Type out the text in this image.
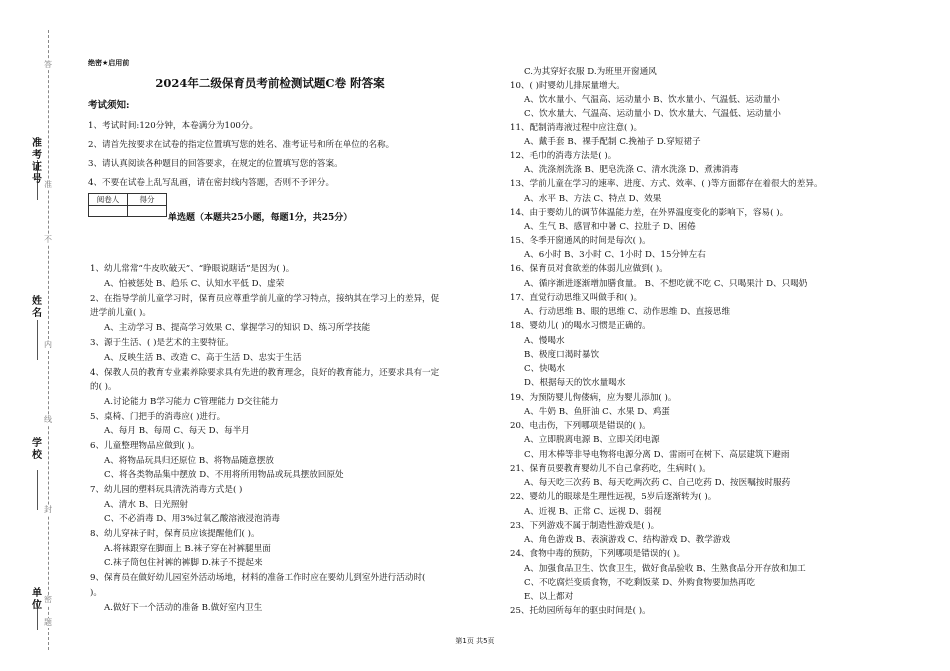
准考证号
姓名
学校
单位
密
封
线
内
不
准
答
题
绝密★启用前
2024年二级保育员考前检测试题C卷 附答案
考试须知:
1、考试时间:120分钟，本卷满分为100分。
2、请首先按要求在试卷的指定位置填写您的姓名、准考证号和所在单位的名称。
3、请认真阅读各种题目的回答要求，在规定的位置填写您的答案。
4、不要在试卷上乱写乱画，请在密封线内答题，否则不予评分。
阅卷人	得分

单选题（本题共25小题，每题1分，共25分）
1、幼儿常常“牛皮吹破天”、“睁眼说瞎话”是因为( )。
A、怕被惩处 B、趋乐 C、认知水平低 D、虚荣
2、在指导学前儿童学习时，保育员应尊重学前儿童的学习特点，接纳其在学习上的差异，促
进学前儿童( )。
A、主动学习 B、提高学习效果 C、掌握学习的知识 D、练习所学技能
3、源于生活、( )是艺术的主要特征。
A、反映生活 B、改造 C、高于生活 D、忠实于生活
4、保教人员的教育专业素养除要求具有先进的教育理念，良好的教育能力，还要求具有一定
的( )。
A.讨论能力 B学习能力 C管理能力 D交往能力
5、桌椅、门把手的消毒应( )进行。
A、每月 B、每周 C、每天 D、每半月
6、儿童整理物品应做到( )。
A、将物品玩具归还原位 B、将物品随意摆放
C、将各类物品集中摆放 D、不用将所用物品或玩具摆放回原处
7、幼儿园的塑料玩具清洗消毒方式是( )
A、清水 B、日光照射
C、不必消毒 D、用3%过氧乙酸溶液浸泡消毒
8、幼儿穿袜子时，保育员应该提醒他们( )。
A.将袜跟穿在脚面上 B.袜子穿在衬裤腿里面
C.袜子筒包住衬裤的裤脚 D.袜子不提起来
9、保育员在做好幼儿园室外活动场地，材料的准备工作时应在要幼儿到室外进行活动时(
)。
A.做好下一个活动的准备 B.做好室内卫生
C.为其穿好衣服 D.为班里开窗通风
10、( )时婴幼儿排尿量增大。
A、饮水量小、气温高、运动量小 B、饮水量小、气温低、运动量小
C、饮水量大、气温高、运动量小 D、饮水量大、气温低、运动量小
11、配制消毒液过程中应注意( )。
A、戴手套 B、裸手配制 C.挽袖子 D.穿短裙子
12、毛巾的消毒方法是( )。
A、洗涤剂洗涤 B、肥皂洗涤 C、清水洗涤 D、煮沸消毒
13、学前儿童在学习的速率、进度、方式、效率、( )等方面都存在着很大的差异。
A、水平 B、方法 C、特点 D、效果
14、由于婴幼儿的调节体温能力差，在外界温度变化的影响下，容易( )。
A、生气 B、感冒和中暑 C、拉肚子 D、困倦
15、冬季开窗通风的时间是每次( )。
A、6小时 B、3小时 C、1小时 D、15分钟左右
16、保育员对食欲差的体弱儿应做到( )。
A、循序渐进逐渐增加膳食量。 B、不想吃就不吃 C、只喝果汁 D、只喝奶
17、直觉行动思维又叫做手和( )。
A、行动思维 B、眼的思维 C、动作思维 D、直接思维
18、婴幼儿( )的喝水习惯是正确的。
A、慢喝水
B、极度口渴时暴饮
C、快喝水
D、根据每天的饮水量喝水
19、为预防婴儿佝偻病，应为婴儿添加( )。
A、牛奶 B、鱼肝油 C、水果 D、鸡蛋
20、电击伤，下列哪项是错误的( )。
A、立即脱离电源 B、立即关闭电源
C、用木棒等非导电物将电源分离 D、雷雨可在树下、高层建筑下避雨
21、保育员要教育婴幼儿不自己拿药吃，生病时( )。
A、每天吃三次药 B、每天吃两次药 C、自己吃药 D、按医嘱按时服药
22、婴幼儿的眼球是生理性远视，5岁后逐渐转为( )。
A、近视 B、正常 C、远视 D、弱视
23、下列游戏不属于制造性游戏是( )。
A、角色游戏 B、表演游戏 C、结构游戏 D、教学游戏
24、食物中毒的预防，下列哪项是错误的( )。
A、加强食品卫生、饮食卫生，做好食品验收 B、生熟食品分开存放和加工
C、不吃腐烂变质食物，不吃剩饭菜 D、外购食物要加热再吃
E、以上都对
25、托幼园所每年的驱虫时间是( )。
第1页 共5页
